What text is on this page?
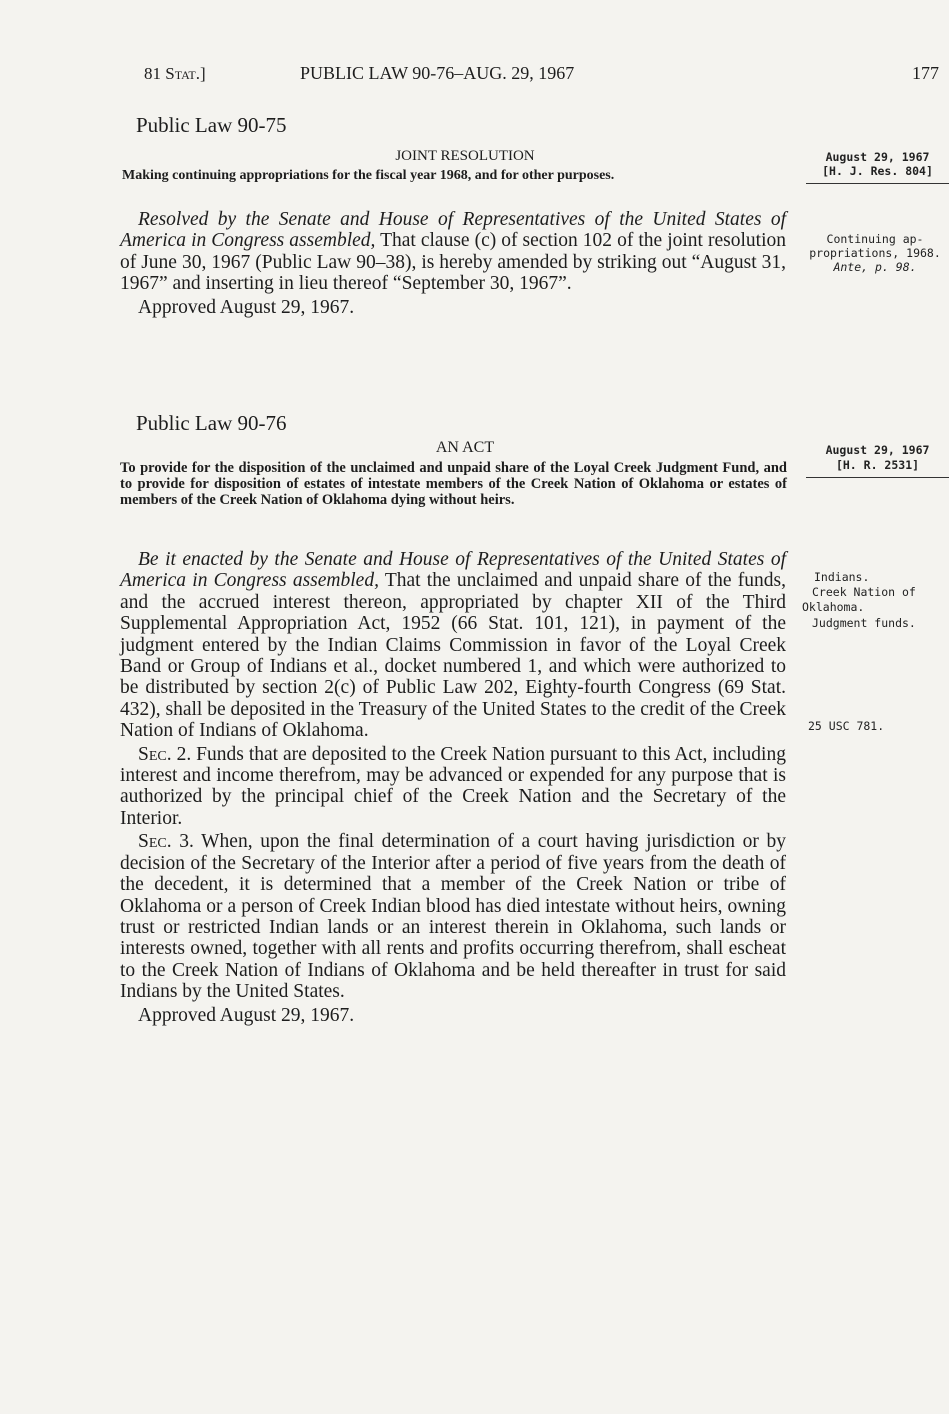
81 Stat.]	PUBLIC LAW 90-76–AUG. 29, 1967	177
Public Law 90-75
JOINT RESOLUTION
Making continuing appropriations for the fiscal year 1968, and for other purposes.
August 29, 1967
[H. J. Res. 804]

Resolved by the Senate and House of Representatives of the United States of America in Congress assembled, That clause (c) of section 102 of the joint resolution of June 30, 1967 (Public Law 90–38), is hereby amended by striking out “August 31, 1967” and inserting in lieu thereof “September 30, 1967”.

Approved August 29, 1967.

Continuing ap-
propriations, 1968.
Ante, p. 98.
Public Law 90-76
AN ACT
To provide for the disposition of the unclaimed and unpaid share of the Loyal Creek Judgment Fund, and to provide for disposition of estates of intestate members of the Creek Nation of Oklahoma or estates of members of the Creek Nation of Oklahoma dying without heirs.
August 29, 1967
[H. R. 2531]

Be it enacted by the Senate and House of Representatives of the United States of America in Congress assembled, That the unclaimed and unpaid share of the funds, and the accrued interest thereon, appropriated by chapter XII of the Third Supplemental Appropriation Act, 1952 (66 Stat. 101, 121), in payment of the judgment entered by the Indian Claims Commission in favor of the Loyal Creek Band or Group of Indians et al., docket numbered 1, and which were authorized to be distributed by section 2(c) of Public Law 202, Eighty-fourth Congress (69 Stat. 432), shall be deposited in the Treasury of the United States to the credit of the Creek Nation of Indians of Oklahoma.

Sec. 2. Funds that are deposited to the Creek Nation pursuant to this Act, including interest and income therefrom, may be advanced or expended for any purpose that is authorized by the principal chief of the Creek Nation and the Secretary of the Interior.

Sec. 3. When, upon the final determination of a court having jurisdiction or by decision of the Secretary of the Interior after a period of five years from the death of the decedent, it is determined that a member of the Creek Nation or tribe of Oklahoma or a person of Creek Indian blood has died intestate without heirs, owning trust or restricted Indian lands or an interest therein in Oklahoma, such lands or interests owned, together with all rents and profits occurring therefrom, shall escheat to the Creek Nation of Indians of Oklahoma and be held thereafter in trust for said Indians by the United States.

Approved August 29, 1967.

Indians.
Creek Nation of
Oklahoma.
Judgment funds.
25 USC 781.
